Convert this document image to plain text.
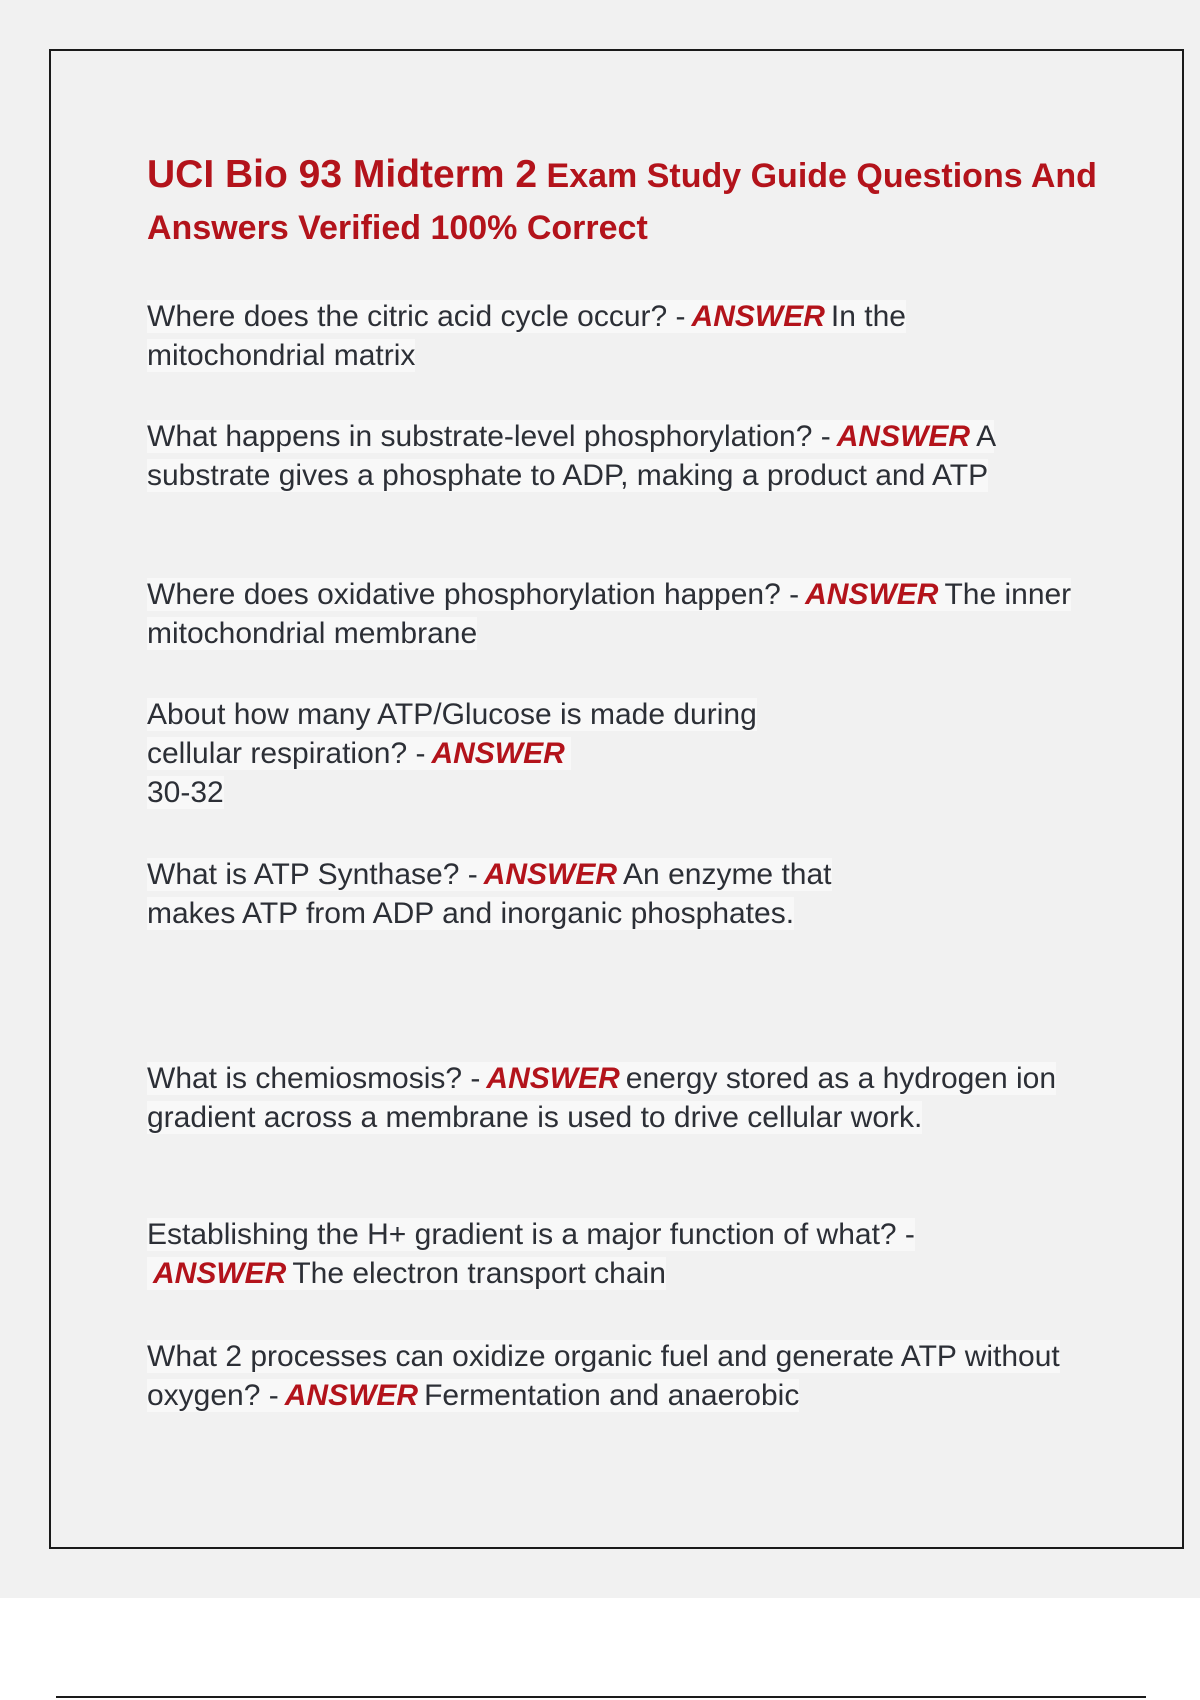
UCI Bio 93 Midterm 2 Exam Study Guide Questions And Answers Verified 100% Correct
Where does the citric acid cycle occur? - ANSWER In the mitochondrial matrix
What happens in substrate-level phosphorylation? - ANSWER A substrate gives a phosphate to ADP, making a product and ATP
Where does oxidative phosphorylation happen? - ANSWER The inner mitochondrial membrane
About how many ATP/Glucose is made during cellular respiration? - ANSWER
30-32
What is ATP Synthase? - ANSWER An enzyme that makes ATP from ADP and inorganic phosphates.
What is chemiosmosis? - ANSWER energy stored as a hydrogen ion gradient across a membrane is used to drive cellular work.
Establishing the H+ gradient is a major function of what? -ANSWER The electron transport chain
What 2 processes can oxidize organic fuel and generate ATP without oxygen? - ANSWER Fermentation and anaerobic
